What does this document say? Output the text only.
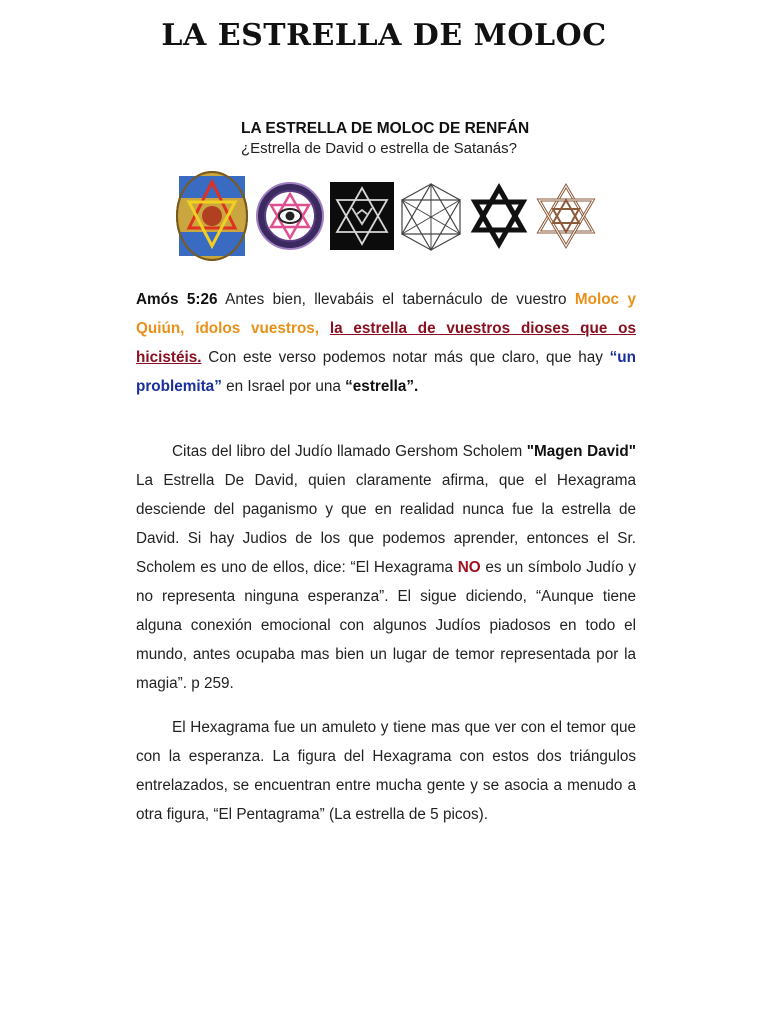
LA ESTRELLA DE MOLOC
LA ESTRELLA DE MOLOC DE RENFÁN
¿Estrella de David o estrella de Satanás?
Amós 5:26 Antes bien, llevabáis el tabernáculo de vuestro Moloc y Quiún, ídolos vuestros, la estrella de vuestros dioses que os hicistéis. Con este verso podemos notar más que claro, que hay “un problemita” en Israel por una “estrella”.
Citas del libro del Judío llamado Gershom Scholem "Magen David" La Estrella De David, quien claramente afirma, que el Hexagrama desciende del paganismo y que en realidad nunca fue la estrella de David. Si hay Judios de los que podemos aprender, entonces el Sr. Scholem es uno de ellos, dice: “El Hexagrama NO es un símbolo Judío y no representa ninguna esperanza”. El sigue diciendo, “Aunque tiene alguna conexión emocional con algunos Judíos piadosos en todo el mundo, antes ocupaba mas bien un lugar de temor representada por la magia”. p 259.
El Hexagrama fue un amuleto y tiene mas que ver con el temor que con la esperanza. La figura del Hexagrama con estos dos triángulos entrelazados, se encuentran entre mucha gente y se asocia a menudo a otra figura, “El Pentagrama” (La estrella de 5 picos).
